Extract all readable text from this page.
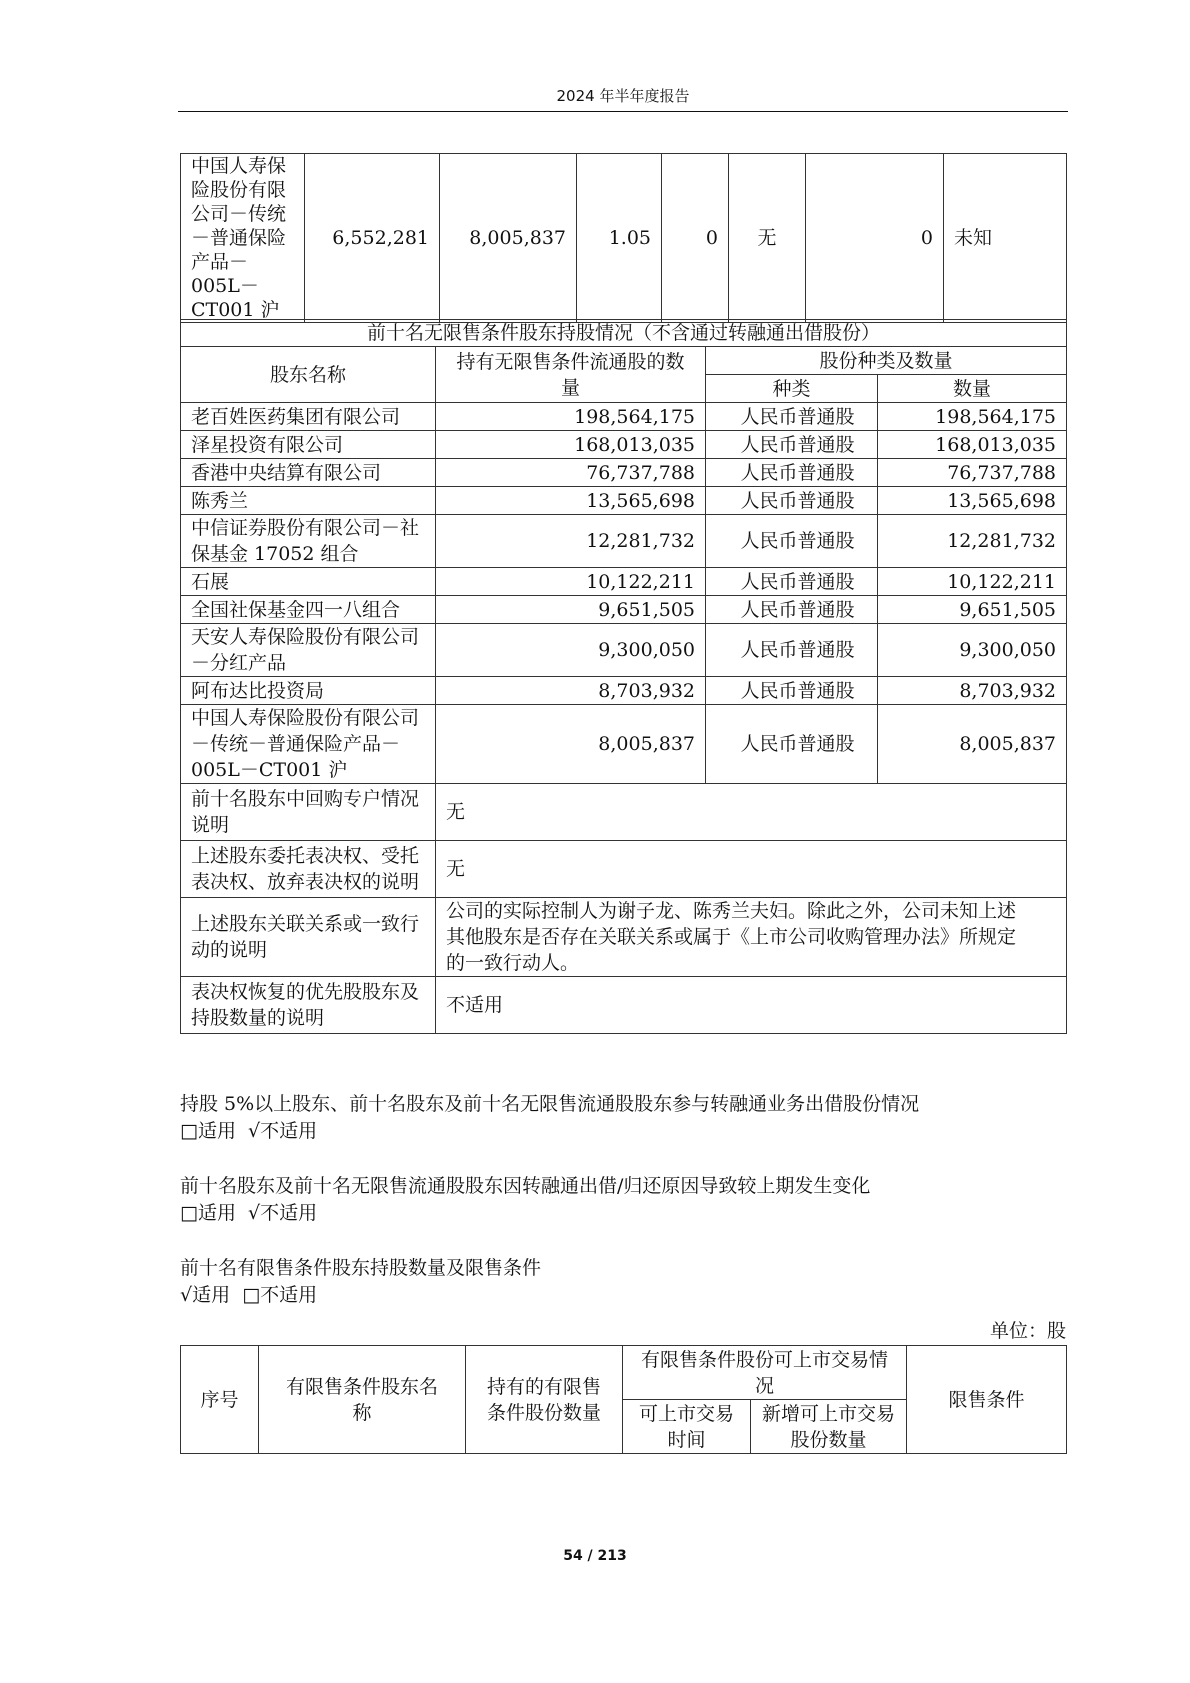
2024 年半年度报告
中国人寿保险股份有限公司－传统－普通保险产品－005L－CT001 沪	6,552,281	8,005,837	1.05	0	无	0	未知
前十名无限售条件股东持股情况（不含通过转融通出借股份）			
股东名称	持有无限售条件流通股的数量	股份种类及数量	
		种类	数量
老百姓医药集团有限公司	198,564,175	人民币普通股	198,564,175
泽星投资有限公司	168,013,035	人民币普通股	168,013,035
香港中央结算有限公司	76,737,788	人民币普通股	76,737,788
陈秀兰	13,565,698	人民币普通股	13,565,698
中信证券股份有限公司－社保基金 17052 组合	12,281,732	人民币普通股	12,281,732
石展	10,122,211	人民币普通股	10,122,211
全国社保基金四一八组合	9,651,505	人民币普通股	9,651,505
天安人寿保险股份有限公司－分红产品	9,300,050	人民币普通股	9,300,050
阿布达比投资局	8,703,932	人民币普通股	8,703,932
中国人寿保险股份有限公司－传统－普通保险产品－005L－CT001 沪	8,005,837	人民币普通股	8,005,837
前十名股东中回购专户情况说明	无		
上述股东委托表决权、受托表决权、放弃表决权的说明	无		
上述股东关联关系或一致行动的说明	公司的实际控制人为谢子龙、陈秀兰夫妇。除此之外，公司未知上述其他股东是否存在关联关系或属于《上市公司收购管理办法》所规定的一致行动人。		
表决权恢复的优先股股东及持股数量的说明	不适用		
持股 5%以上股东、前十名股东及前十名无限售流通股股东参与转融通业务出借股份情况
□适用 √不适用
前十名股东及前十名无限售流通股股东因转融通出借/归还原因导致较上期发生变化
□适用 √不适用
前十名有限售条件股东持股数量及限售条件
√适用 □不适用
单位：股
序号	有限售条件股东名称	持有的有限售条件股份数量	有限售条件股份可上市交易情况		限售条件
			可上市交易时间	新增可上市交易股份数量	
54 / 213
